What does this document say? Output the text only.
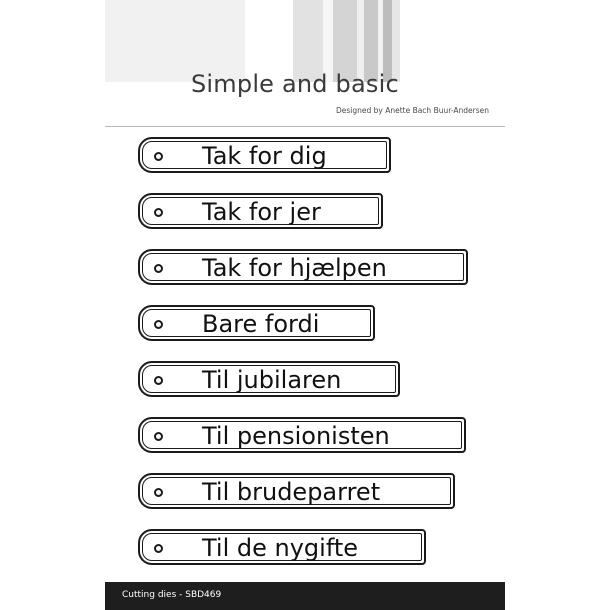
Simple and basic
Designed by Anette Bach Buur-Andersen
Tak for dig
Tak for jer
Tak for hjælpen
Bare fordi
Til jubilaren
Til pensionisten
Til brudeparret
Til de nygifte
Cutting dies - SBD469
